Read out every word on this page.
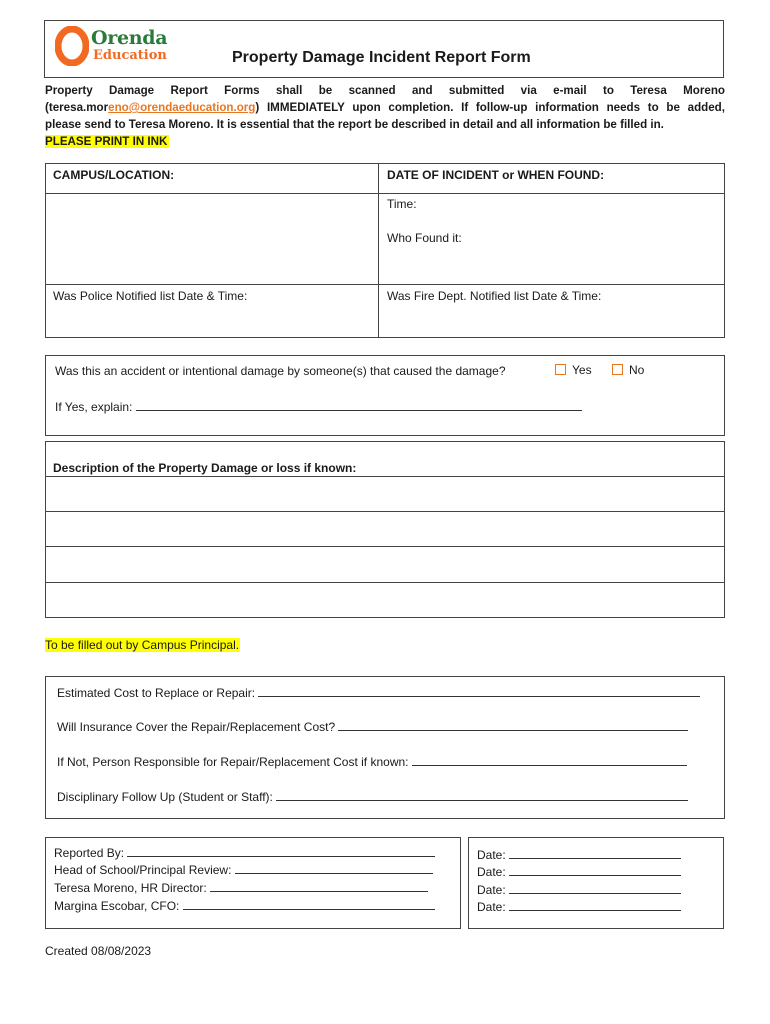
Orenda
Education	Property Damage Incident Report Form
Property Damage Report Forms shall be scanned and submitted via e-mail to Teresa Moreno
(teresa.moreno@orendaeducation.org) IMMEDIATELY upon completion. If follow-up information needs to be added,
please send to Teresa Moreno. It is essential that the report be described in detail and all information be filled in.
PLEASE PRINT IN INK
CAMPUS/LOCATION:	DATE OF INCIDENT or WHEN FOUND:
Time:
Who Found it:
Was Police Notified list Date & Time:	Was Fire Dept. Notified list Date & Time:
Was this an accident or intentional damage by someone(s) that caused the damage?	Yes	No
If Yes, explain:
Description of the Property Damage or loss if known:
To be filled out by Campus Principal.
Estimated Cost to Replace or Repair:
Will Insurance Cover the Repair/Replacement Cost?
If Not, Person Responsible for Repair/Replacement Cost if known:
Disciplinary Follow Up (Student or Staff):
Reported By:
Head of School/Principal Review:
Teresa Moreno, HR Director:
Margina Escobar, CFO:
Date:
Date:
Date:
Date:
Created 08/08/2023
